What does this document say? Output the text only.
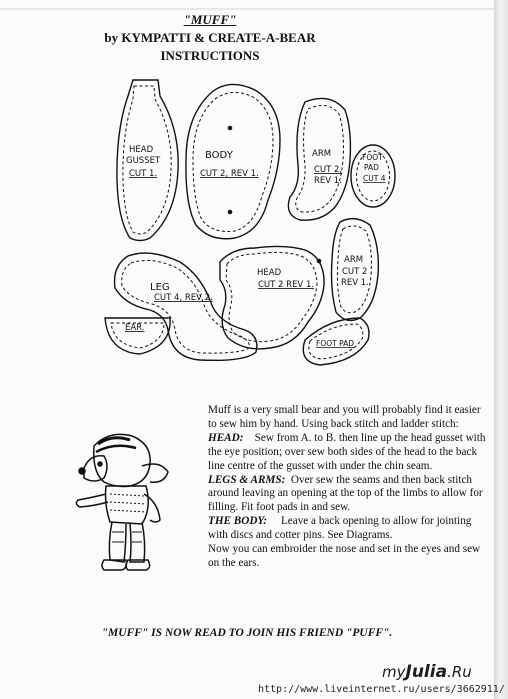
"MUFF"
by KYMPATTI & CREATE-A-BEAR
INSTRUCTIONS
HEAD
GUSSET
CUT 1.
BODY
CUT 2, REV 1.
ARM
CUT 2,
REV 1.
FOOT
PAD
CUT 4
ARM
CUT 2
REV 1.
HEAD
CUT 2 REV 1.
LEG
CUT 4, REV 2.
EAR.
FOOT PAD

Muff is a very small bear and you will probably find it easier to sew him by hand. Using back stitch and ladder stitch:

HEAD: Sew from A. to B. then line up the head gusset with the eye position; over sew both sides of the head to the back line centre of the gusset with under the chin seam.

LEGS & ARMS: Over sew the seams and then back stitch around leaving an opening at the top of the limbs to allow for filling. Fit foot pads in and sew.

THE BODY: Leave a back opening to allow for jointing with discs and cotter pins. See Diagrams.

Now you can embroider the nose and set in the eyes and sew on the ears.

"MUFF" IS NOW READ TO JOIN HIS FRIEND "PUFF".
myJulia.Ru
http://www.liveinternet.ru/users/3662911/
